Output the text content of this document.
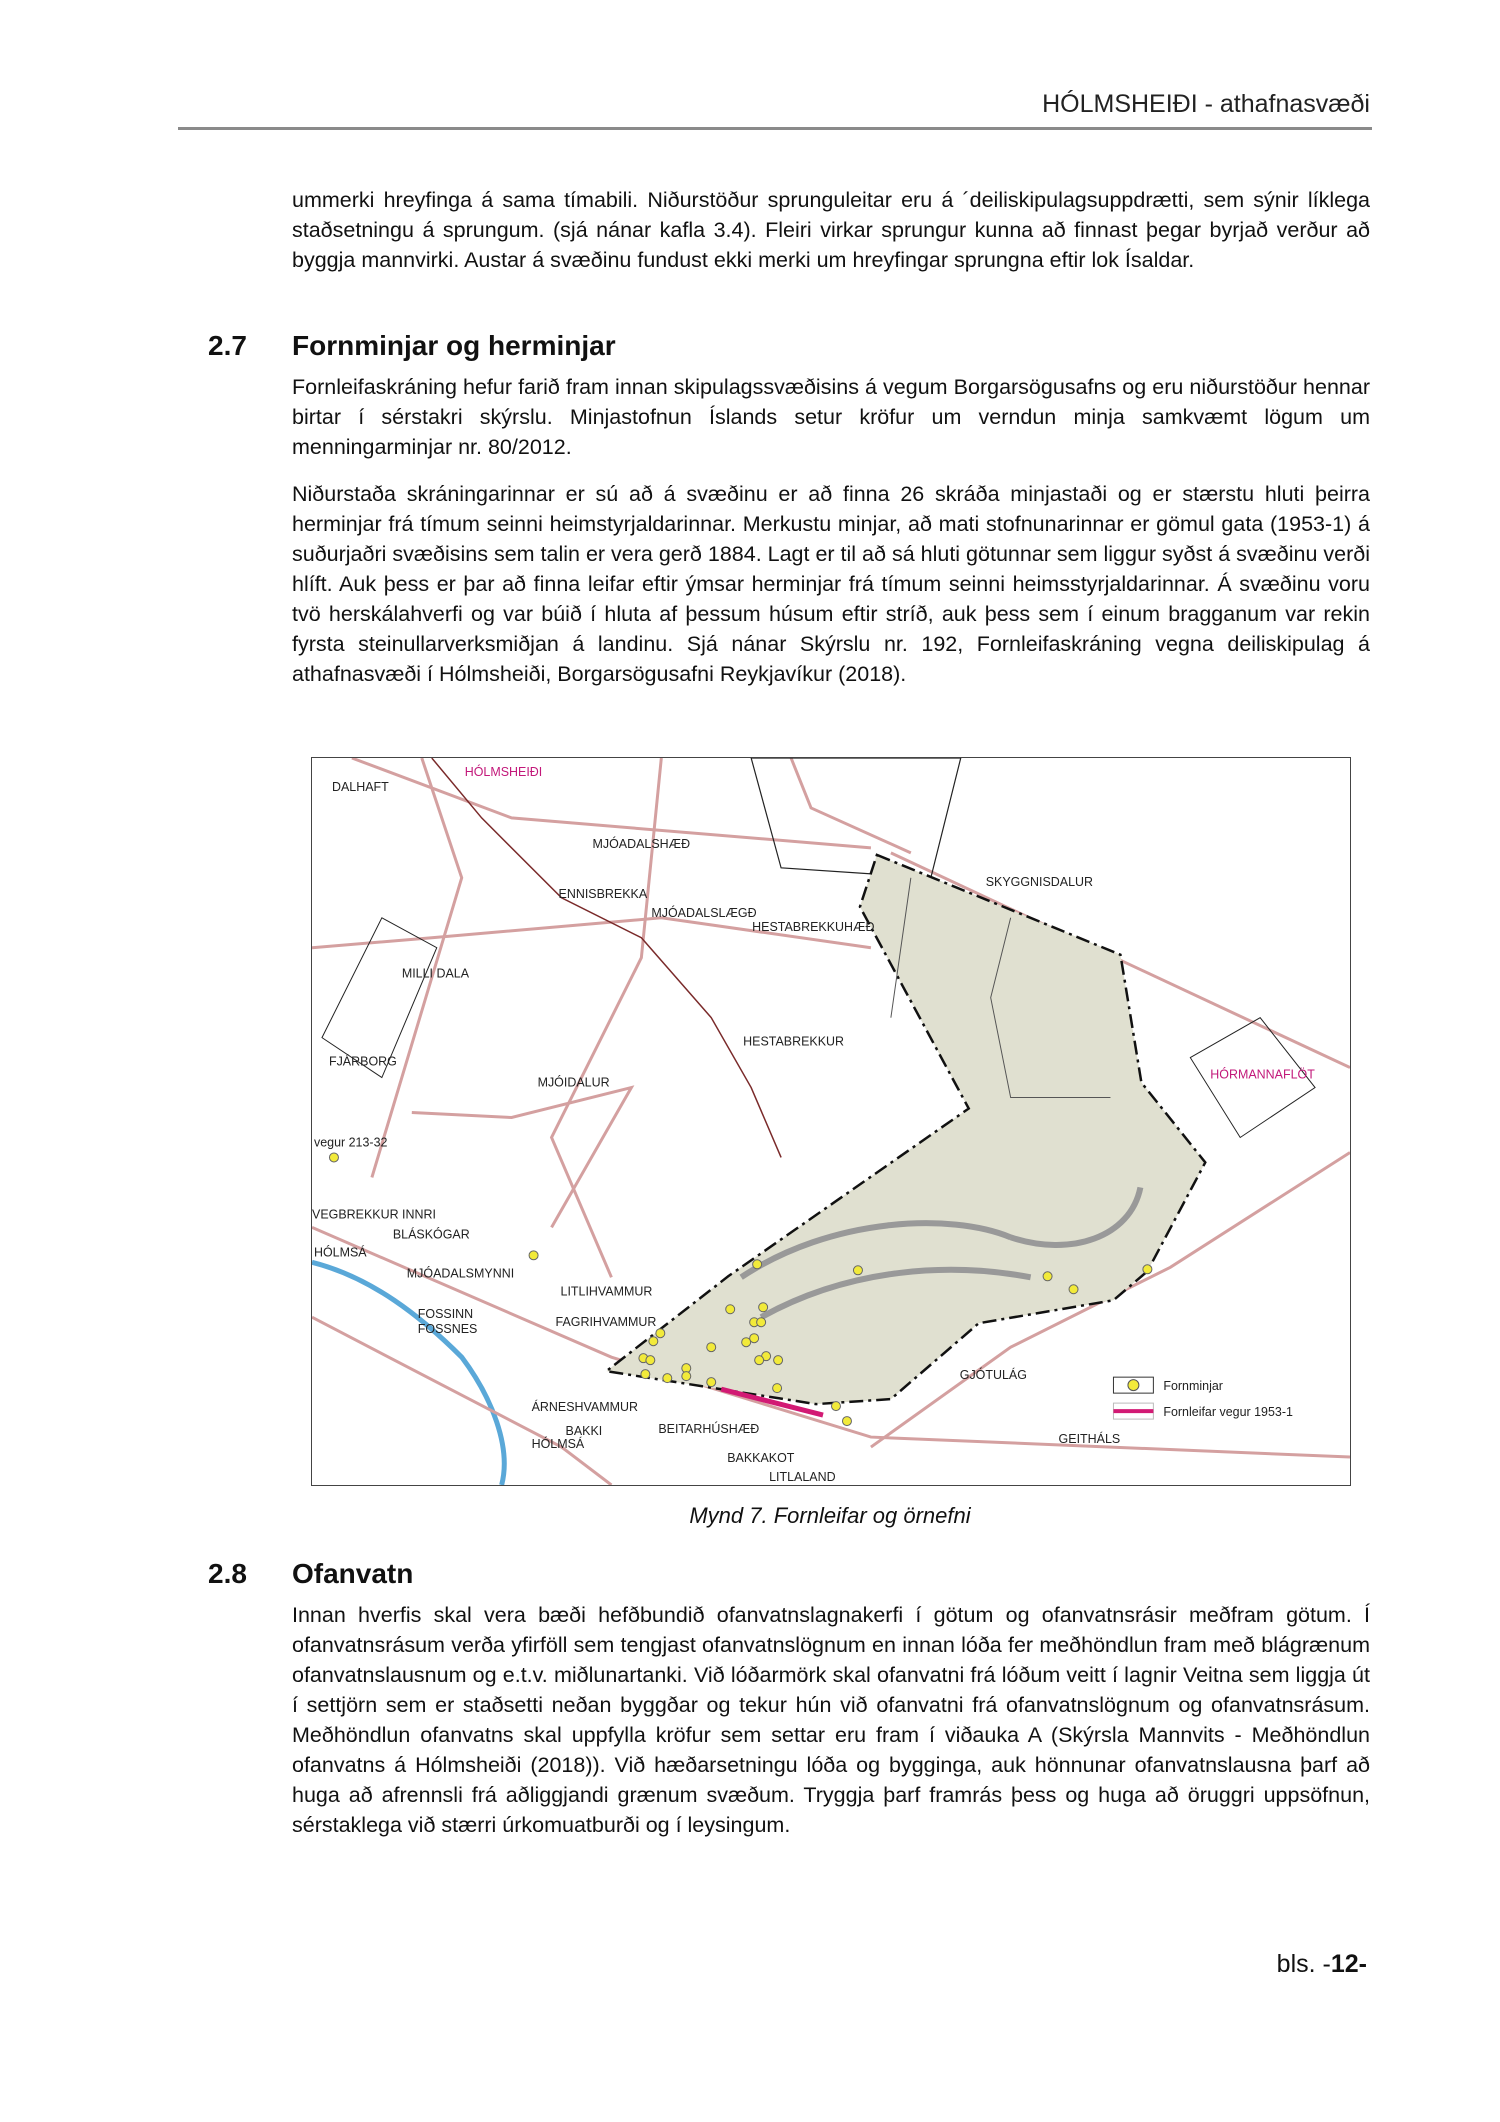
HÓLMSHEIÐI - athafnasvæði
ummerki hreyfinga á sama tímabili. Niðurstöður sprunguleitar eru á ´deiliskipulagsuppdrætti, sem sýnir líklega staðsetningu á sprungum. (sjá nánar kafla 3.4). Fleiri virkar sprungur kunna að finnast þegar byrjað verður að byggja mannvirki. Austar á svæðinu fundust ekki merki um hreyfingar sprungna eftir lok Ísaldar.
2.7 Fornminjar og herminjar
Fornleifaskráning hefur farið fram innan skipulagssvæðisins á vegum Borgarsögusafns og eru niðurstöður hennar birtar í sérstakri skýrslu. Minjastofnun Íslands setur kröfur um verndun minja samkvæmt lögum um menningarminjar nr. 80/2012.
Niðurstaða skráningarinnar er sú að á svæðinu er að finna 26 skráða minjastaði og er stærstu hluti þeirra herminjar frá tímum seinni heimstyrjaldarinnar. Merkustu minjar, að mati stofnunarinnar er gömul gata (1953-1) á suðurjaðri svæðisins sem talin er vera gerð 1884. Lagt er til að sá hluti götunnar sem liggur syðst á svæðinu verði hlíft. Auk þess er þar að finna leifar eftir ýmsar herminjar frá tímum seinni heimsstyrjaldarinnar. Á svæðinu voru tvö herskálahverfi og var búið í hluta af þessum húsum eftir stríð, auk þess sem í einum bragganum var rekin fyrsta steinullarverksmiðjan á landinu. Sjá nánar Skýrslu nr. 192, Fornleifaskráning vegna deiliskipulag á athafnasvæði í Hólmsheiði, Borgarsögusafni Reykjavíkur (2018).
DALHAFT
HÓLMSHEIÐI
MJÓADALSHÆÐ
ENNISBREKKA
MJÓADALSLÆGÐ
HESTABREKKUHÆÐ
SKYGGNISDALUR
MILLI DALA
FJÁRBORG
MJÓIDALUR
HESTABREKKUR
HÓRMANNAFLÖT
vegur 213-32
VEGBREKKUR INNRI
BLÁSKÓGAR
HÓLMSÁ
MJÓADALSMYNNI
LITLIHVAMMUR
FOSSINN
FOSSNES	FAGRIHVAMMUR
GJÓTULÁG
ÁRNESHVAMMUR
BAKKI
HÓLMSÁ
BEITARHÚSHÆÐ
GEITHÁLS
BAKKAKOT
LITLALAND
Fornminjar
Fornleifar vegur 1953-1
Mynd 7. Fornleifar og örnefni
2.8 Ofanvatn
Innan hverfis skal vera bæði hefðbundið ofanvatnslagnakerfi í götum og ofanvatnsrásir meðfram götum. Í ofanvatnsrásum verða yfirföll sem tengjast ofanvatnslögnum en innan lóða fer meðhöndlun fram með blágrænum ofanvatnslausnum og e.t.v. miðlunartanki. Við lóðarmörk skal ofanvatni frá lóðum veitt í lagnir Veitna sem liggja út í settjörn sem er staðsetti neðan byggðar og tekur hún við ofanvatni frá ofanvatnslögnum og ofanvatnsrásum. Meðhöndlun ofanvatns skal uppfylla kröfur sem settar eru fram í viðauka A (Skýrsla Mannvits - Meðhöndlun ofanvatns á Hólmsheiði (2018)). Við hæðarsetningu lóða og bygginga, auk hönnunar ofanvatnslausna þarf að huga að afrennsli frá aðliggjandi grænum svæðum. Tryggja þarf framrás þess og huga að öruggri uppsöfnun, sérstaklega við stærri úrkomuatburði og í leysingum.
bls. -12-
